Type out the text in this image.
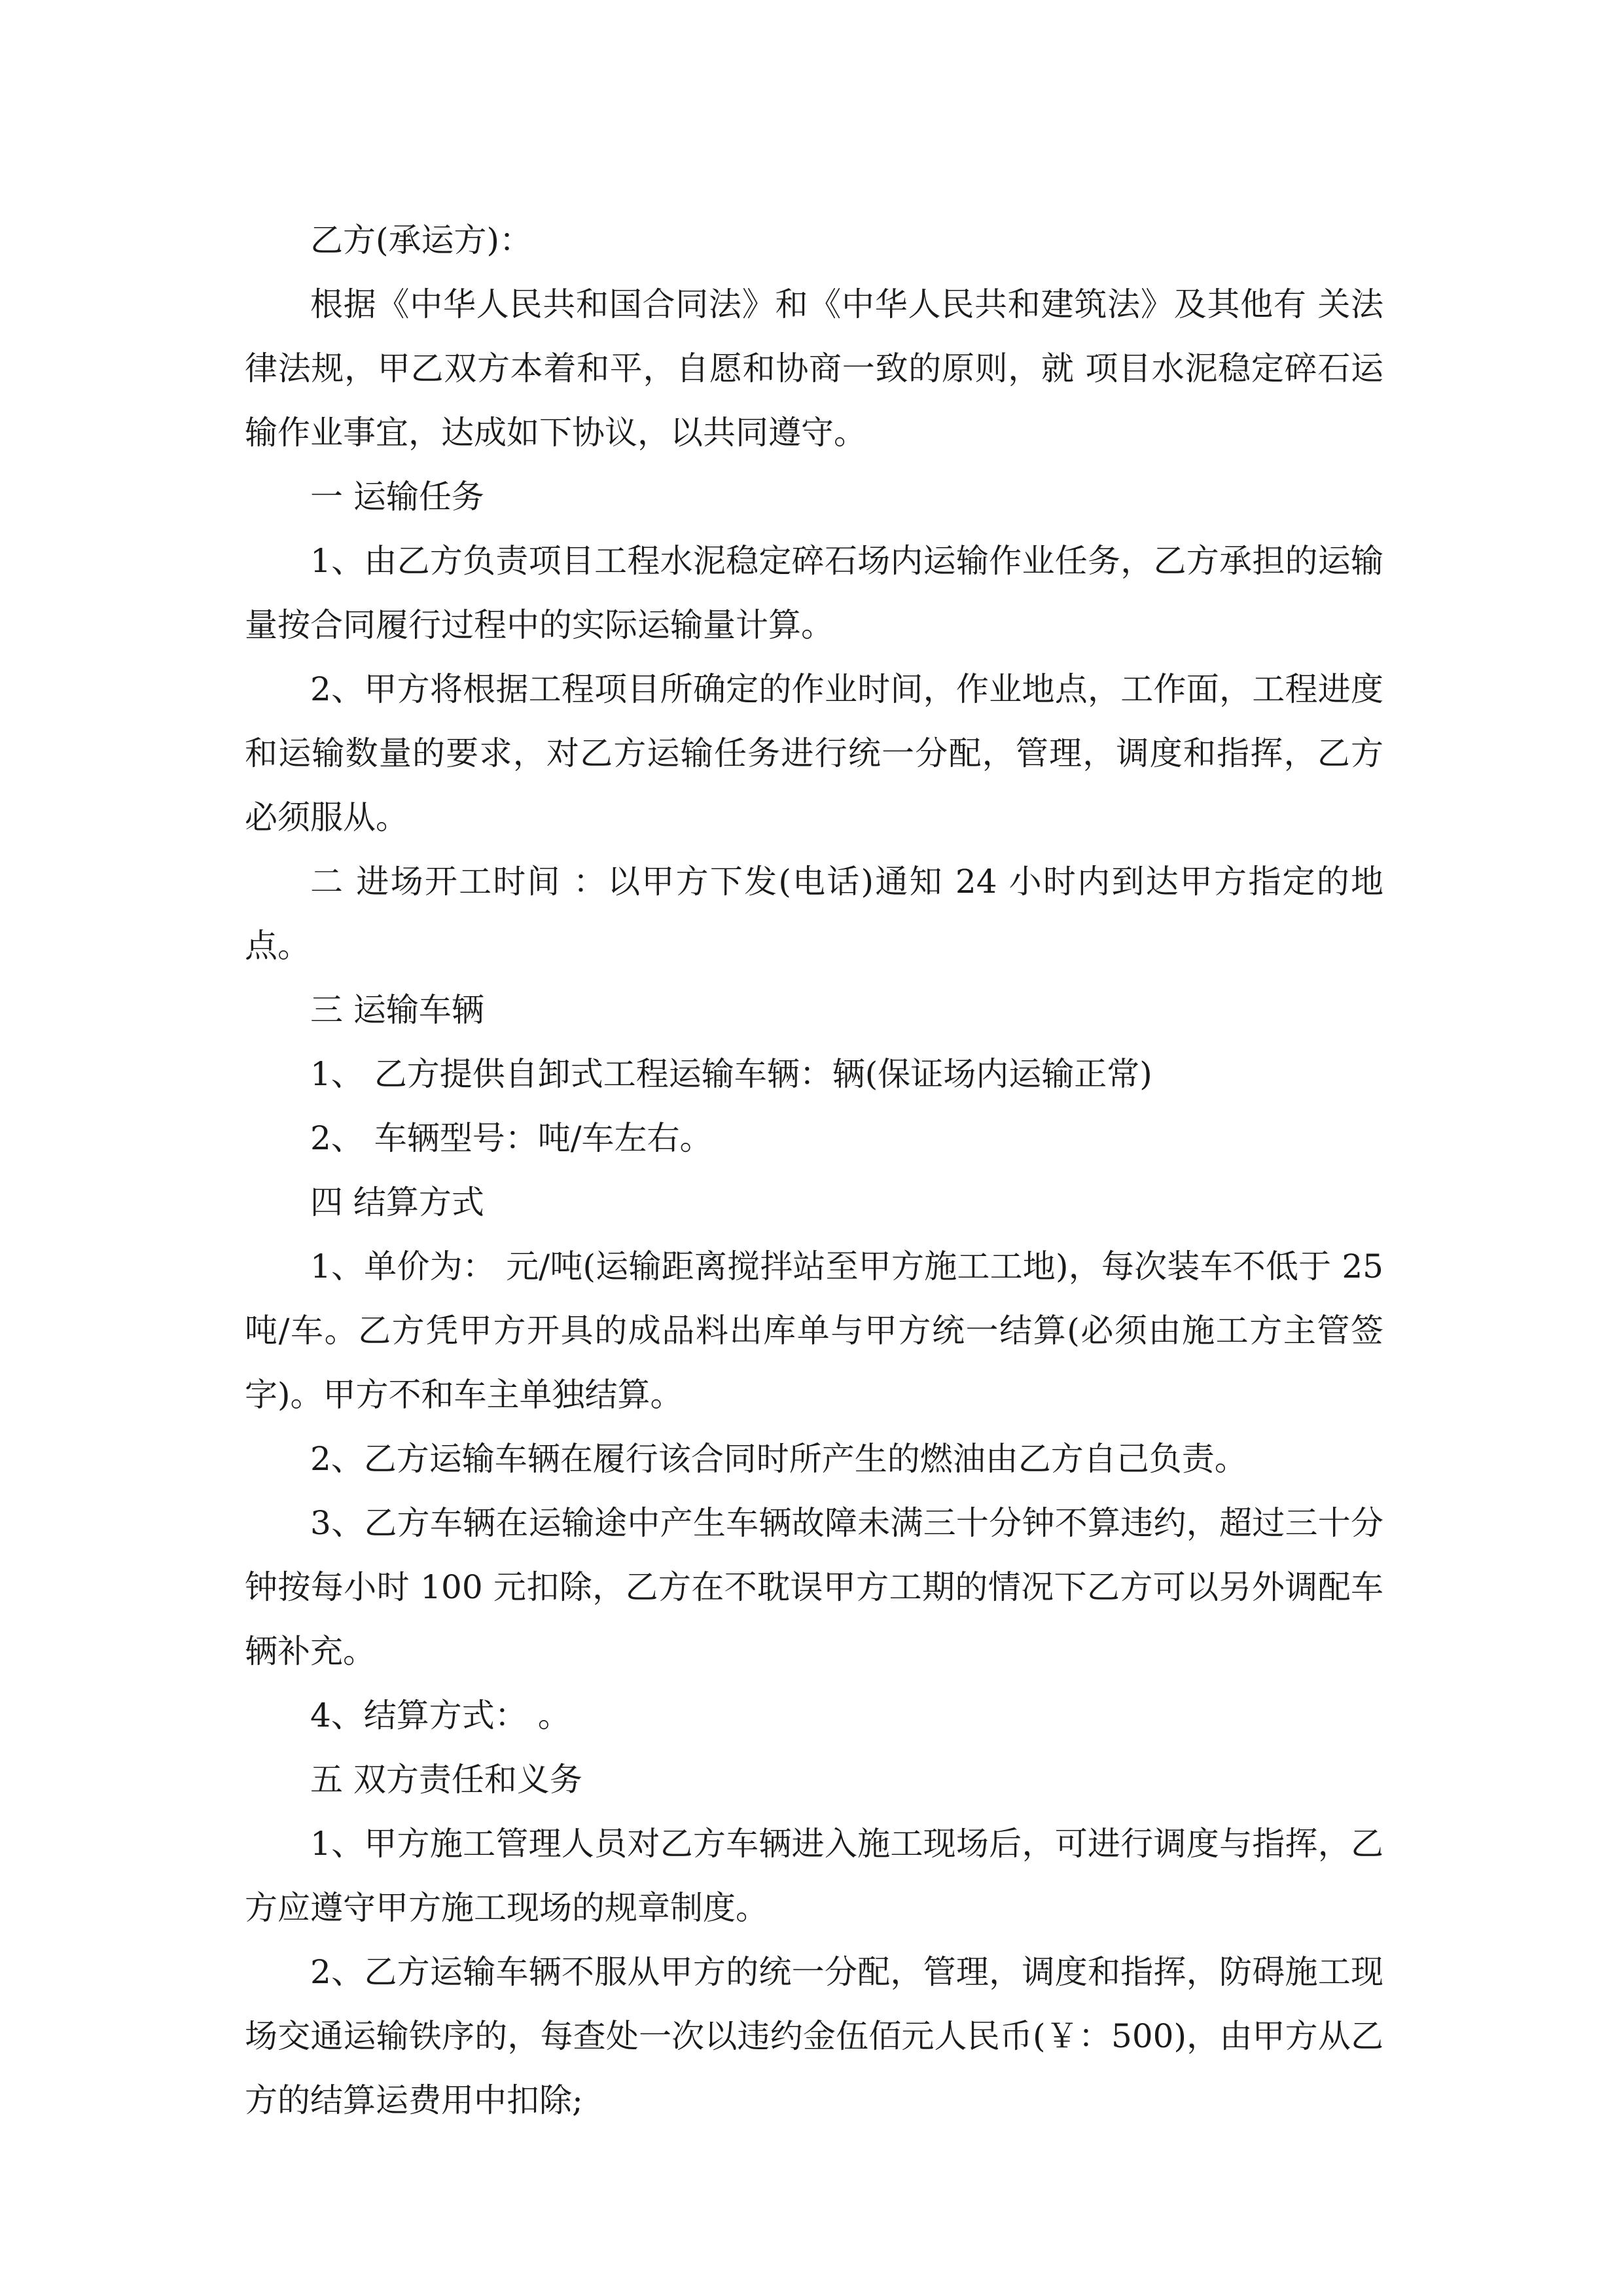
乙方(承运方)：

根据《中华人民共和国合同法》和《中华人民共和建筑法》及其他有 关法律法规，甲乙双方本着和平，自愿和协商一致的原则，就 项目水泥稳定碎石运输作业事宜，达成如下协议，以共同遵守。

一 运输任务

1、由乙方负责项目工程水泥稳定碎石场内运输作业任务，乙方承担的运输量按合同履行过程中的实际运输量计算。

2、甲方将根据工程项目所确定的作业时间，作业地点，工作面，工程进度和运输数量的要求，对乙方运输任务进行统一分配，管理，调度和指挥，乙方必须服从。

二 进场开工时间 ：以甲方下发(电话)通知 24 小时内到达甲方指定的地点。

三 运输车辆

1、 乙方提供自卸式工程运输车辆：辆(保证场内运输正常)

2、 车辆型号：吨/车左右。

四 结算方式

1、单价为： 元/吨(运输距离搅拌站至甲方施工工地)，每次装车不低于 25 吨/车。乙方凭甲方开具的成品料出库单与甲方统一结算(必须由施工方主管签字)。甲方不和车主单独结算。

2、乙方运输车辆在履行该合同时所产生的燃油由乙方自己负责。

3、乙方车辆在运输途中产生车辆故障未满三十分钟不算违约，超过三十分钟按每小时 100 元扣除，乙方在不耽误甲方工期的情况下乙方可以另外调配车辆补充。

4、结算方式： 。

五 双方责任和义务

1、甲方施工管理人员对乙方车辆进入施工现场后，可进行调度与指挥，乙方应遵守甲方施工现场的规章制度。

2、乙方运输车辆不服从甲方的统一分配，管理，调度和指挥，防碍施工现场交通运输铁序的，每查处一次以违约金伍佰元人民币(￥：500)，由甲方从乙方的结算运费用中扣除;
